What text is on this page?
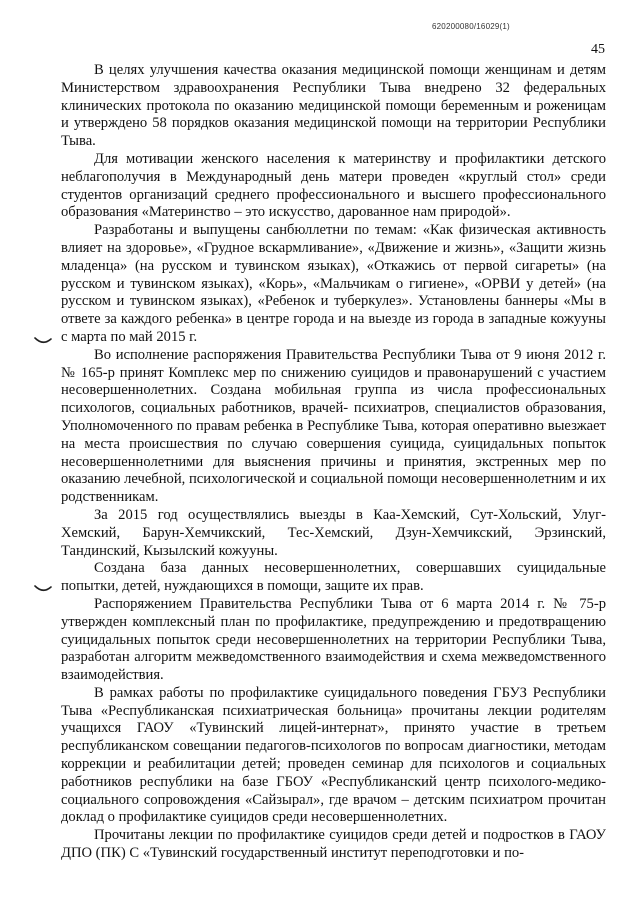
620200080/16029(1)
45

В целях улучшения качества оказания медицинской помощи женщинам и детям Министерством здравоохранения Республики Тыва внедрено 32 федеральных клинических протокола по оказанию медицинской помощи беременным и роженицам и утверждено 58 порядков оказания медицинской помощи на территории Республики Тыва.

Для мотивации женского населения к материнству и профилактики детского неблагополучия в Международный день матери проведен «круглый стол» среди студентов организаций среднего профессионального и высшего профессионального образования «Материнство – это искусство, дарованное нам природой».

Разработаны и выпущены санбюллетни по темам: «Как физическая активность влияет на здоровье», «Грудное вскармливание», «Движение и жизнь», «Защити жизнь младенца» (на русском и тувинском языках), «Откажись от первой сигареты» (на русском и тувинском языках), «Корь», «Мальчикам о гигиене», «ОРВИ у детей» (на русском и тувинском языках), «Ребенок и туберкулез». Установлены баннеры «Мы в ответе за каждого ребенка» в центре города и на выезде из города в западные кожууны с марта по май 2015 г.

Во исполнение распоряжения Правительства Республики Тыва от 9 июня 2012 г. № 165-р принят Комплекс мер по снижению суицидов и правонарушений с участием несовершеннолетних. Создана мобильная группа из числа профессиональных психологов, социальных работников, врачей- психиатров, специалистов образования, Уполномоченного по правам ребенка в Республике Тыва, которая оперативно выезжает на места происшествия по случаю совершения суицида, суицидальных попыток несовершеннолетними для выяснения причины и принятия, экстренных мер по оказанию лечебной, психологической и социальной помощи несовершеннолетним и их родственникам.

За 2015 год осуществлялись выезды в Каа-Хемский, Сут-Хольский, Улуг-Хемский, Барун-Хемчикский, Тес-Хемский, Дзун-Хемчикский, Эрзинский, Тандинский, Кызылский кожууны.

Создана база данных несовершеннолетних, совершавших суицидальные попытки, детей, нуждающихся в помощи, защите их прав.

Распоряжением Правительства Республики Тыва от 6 марта 2014 г. № 75-р утвержден комплексный план по профилактике, предупреждению и предотвращению суицидальных попыток среди несовершеннолетних на территории Республики Тыва, разработан алгоритм межведомственного взаимодействия и схема межведомственного взаимодействия.

В рамках работы по профилактике суицидального поведения ГБУЗ Республики Тыва «Республиканская психиатрическая больница» прочитаны лекции родителям учащихся ГАОУ «Тувинский лицей-интернат», принято участие в третьем республиканском совещании педагогов-психологов по вопросам диагностики, методам коррекции и реабилитации детей; проведен семинар для психологов и социальных работников республики на базе ГБОУ «Республиканский центр психолого-медико-социального сопровождения «Сайзырал», где врачом – детским психиатром прочитан доклад о профилактике суицидов среди несовершеннолетних.

Прочитаны лекции по профилактике суицидов среди детей и подростков в ГАОУ ДПО (ПК) С «Тувинский государственный институт переподготовки и по-
